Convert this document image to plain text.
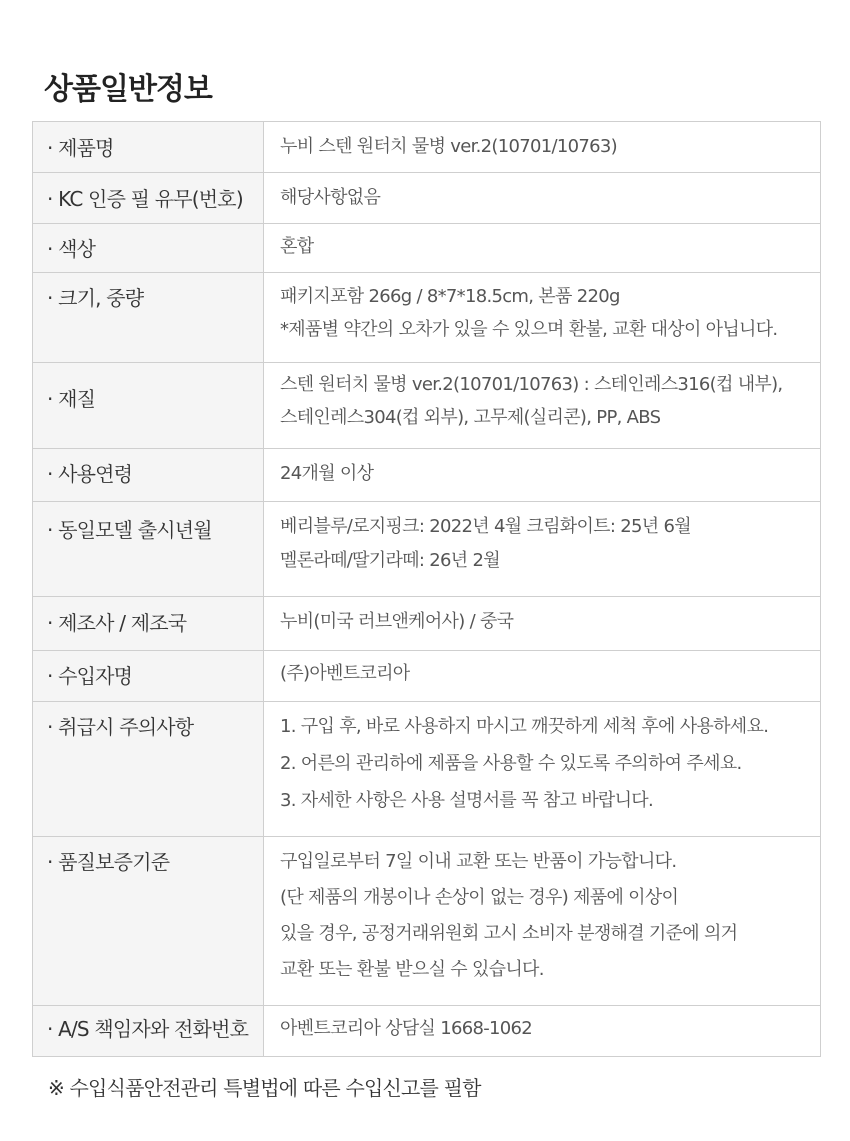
상품일반정보
· 제품명	누비 스텐 원터치 물병 ver.2(10701/10763)

· KC 인증 필 유무(번호)	해당사항없음

· 색상	혼합

· 크기, 중량	패키지포함 266g / 8*7*18.5cm, 본품 220g
*제품별 약간의 오차가 있을 수 있으며 환불, 교환 대상이 아닙니다.

· 재질	스텐 원터치 물병 ver.2(10701/10763) : 스테인레스316(컵 내부),
스테인레스304(컵 외부), 고무제(실리콘), PP, ABS

· 사용연령	24개월 이상

· 동일모델 출시년월	베리블루/로지핑크: 2022년 4월 크림화이트: 25년 6월
멜론라떼/딸기라떼: 26년 2월

· 제조사 / 제조국	누비(미국 러브앤케어사) / 중국

· 수입자명	(주)아벤트코리아

· 취급시 주의사항	1. 구입 후, 바로 사용하지 마시고 깨끗하게 세척 후에 사용하세요.
2. 어른의 관리하에 제품을 사용할 수 있도록 주의하여 주세요.
3. 자세한 사항은 사용 설명서를 꼭 참고 바랍니다.

· 품질보증기준	구입일로부터 7일 이내 교환 또는 반품이 가능합니다.
(단 제품의 개봉이나 손상이 없는 경우) 제품에 이상이
있을 경우, 공정거래위원회 고시 소비자 분쟁해결 기준에 의거
교환 또는 환불 받으실 수 있습니다.

· A/S 책임자와 전화번호	아벤트코리아 상담실 1668-1062
※ 수입식품안전관리 특별법에 따른 수입신고를 필함
